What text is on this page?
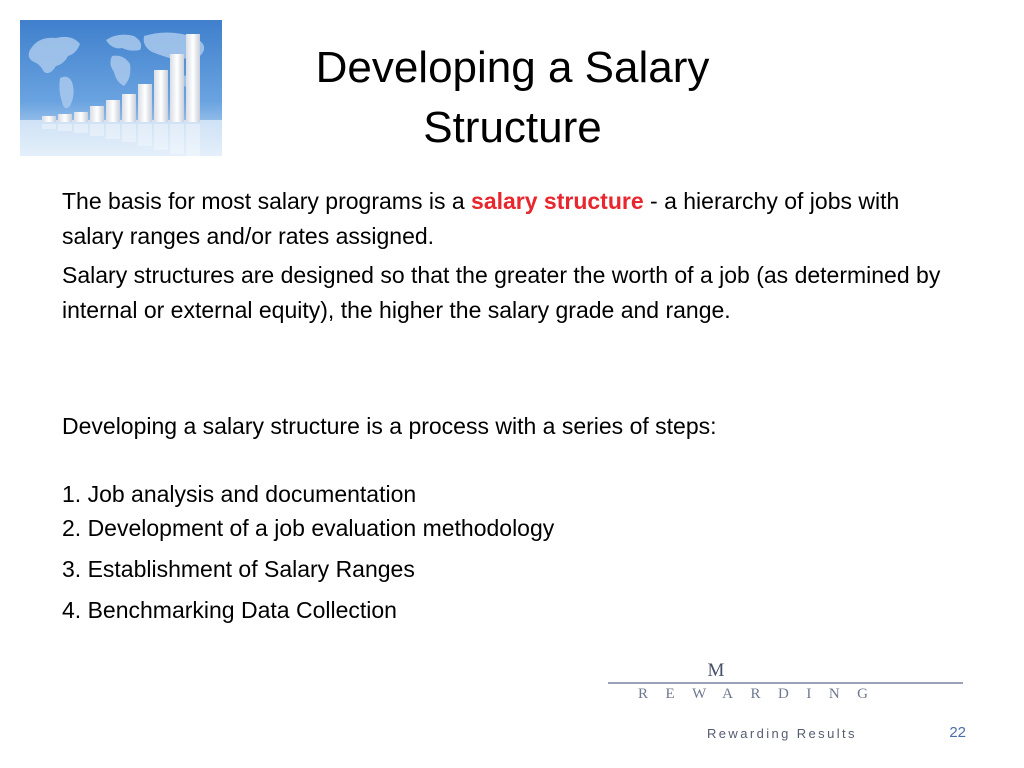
Developing a Salary
Structure
The basis for most salary programs is a salary structure - a hierarchy of jobs with salary ranges and/or rates assigned.
Salary structures are designed so that the greater the worth of a job (as determined by internal or external equity), the higher the salary grade and range.
Developing a salary structure is a process with a series of steps:
1. Job analysis and documentation
2. Development of a job evaluation methodology
3. Establishment of Salary Ranges
4. Benchmarking Data Collection
M
REWARDING
Rewarding Results	22
